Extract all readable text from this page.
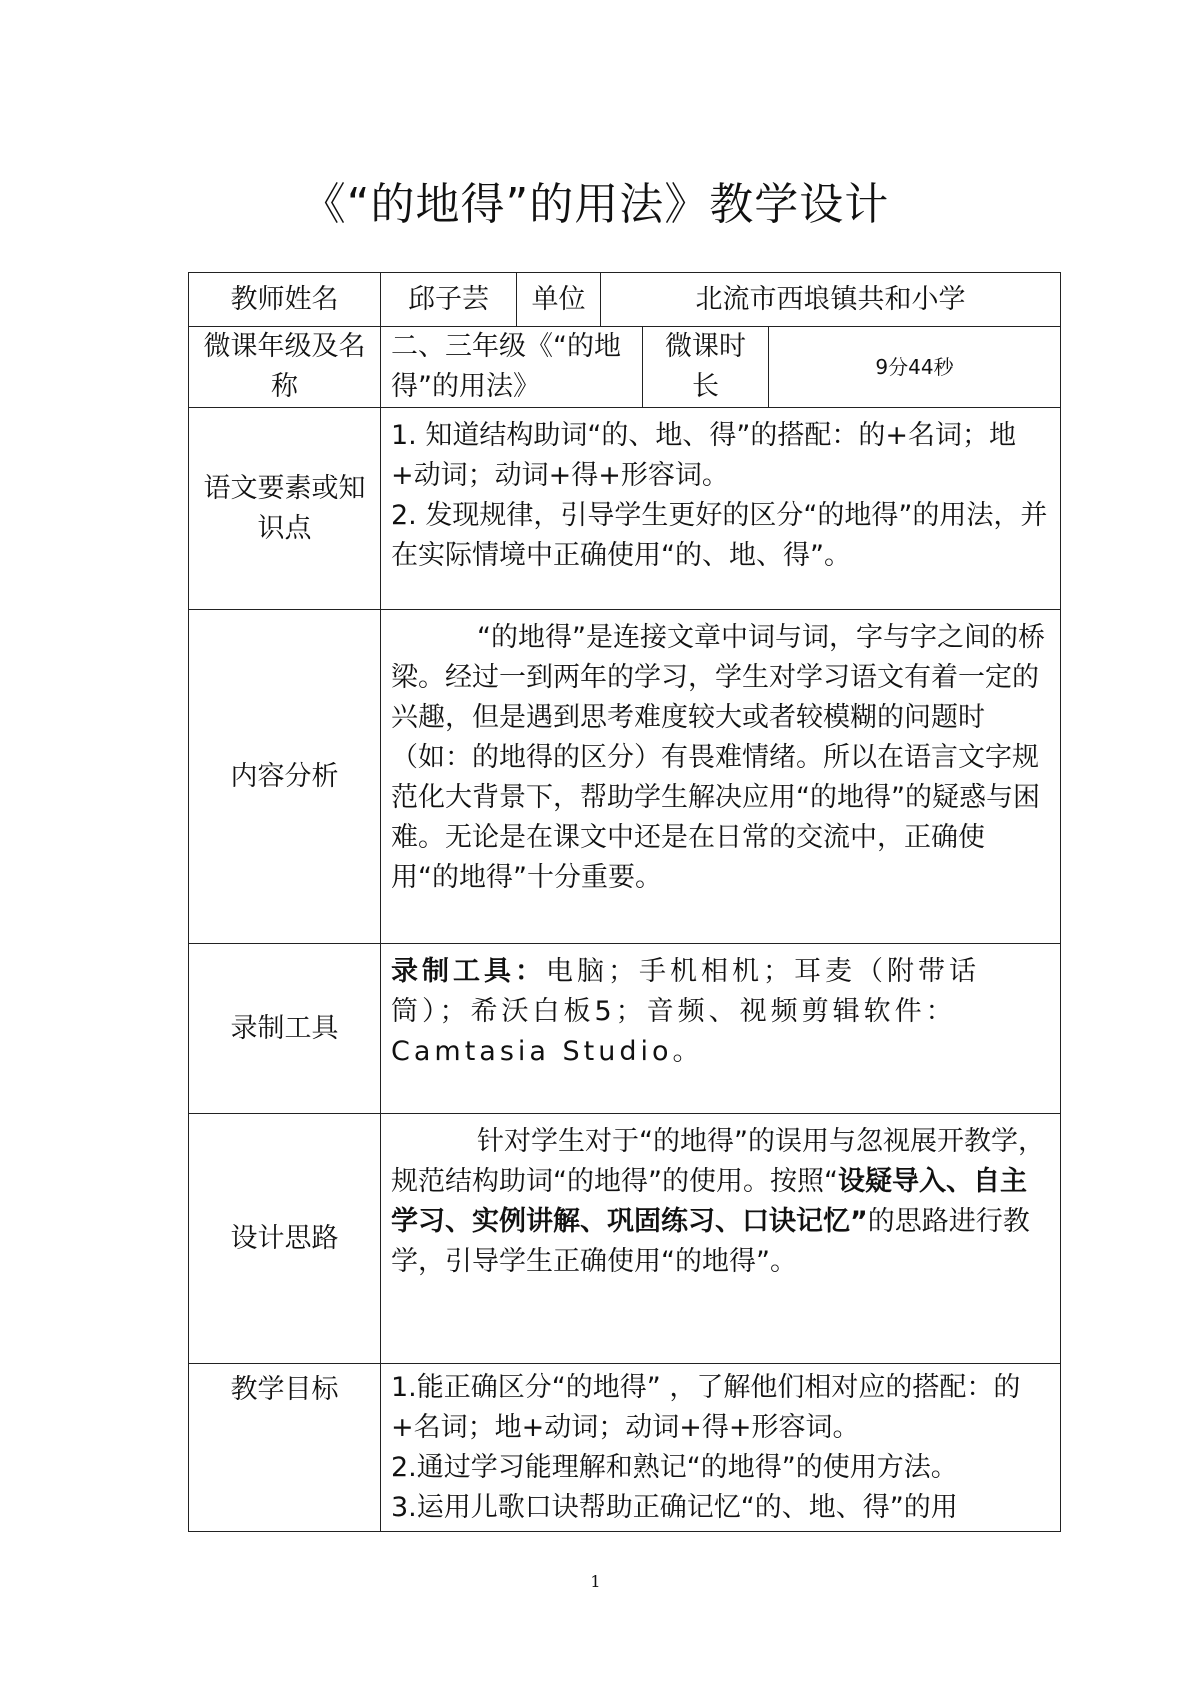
《“的地得”的用法》教学设计
教师姓名	邱子芸	单位	北流市西埌镇共和小学		
微课年级及名称	二、三年级《“的地得”的用法》			微课时长	9分44秒
语文要素或知识点	1. 知道结构助词“的、地、得”的搭配：的+名词；地+动词；动词+得+形容词。

2. 发现规律，引导学生更好的区分“的地得”的用法，并在实际情境中正确使用“的、地、得”。				

内容分析	“的地得”是连接文章中词与词，字与字之间的桥梁。经过一到两年的学习，学生对学习语文有着一定的兴趣，但是遇到思考难度较大或者较模糊的问题时（如：的地得的区分）有畏难情绪。所以在语言文字规范化大背景下，帮助学生解决应用“的地得”的疑惑与困难。无论是在课文中还是在日常的交流中，正确使用“的地得”十分重要。				

录制工具	录制工具：电脑；手机相机；耳麦（附带话筒）；希沃白板5；音频、视频剪辑软件：Camtasia Studio。				

设计思路	针对学生对于“的地得”的误用与忽视展开教学，规范结构助词“的地得”的使用。按照“设疑导入、自主学习、实例讲解、巩固练习、口诀记忆”的思路进行教学，引导学生正确使用“的地得”。				

教学目标	1.能正确区分“的地得” ，了解他们相对应的搭配：的+名词；地+动词；动词+得+形容词。

2.通过学习能理解和熟记“的地得”的使用方法。

3.运用儿歌口诀帮助正确记忆“的、地、得”的用				

1
